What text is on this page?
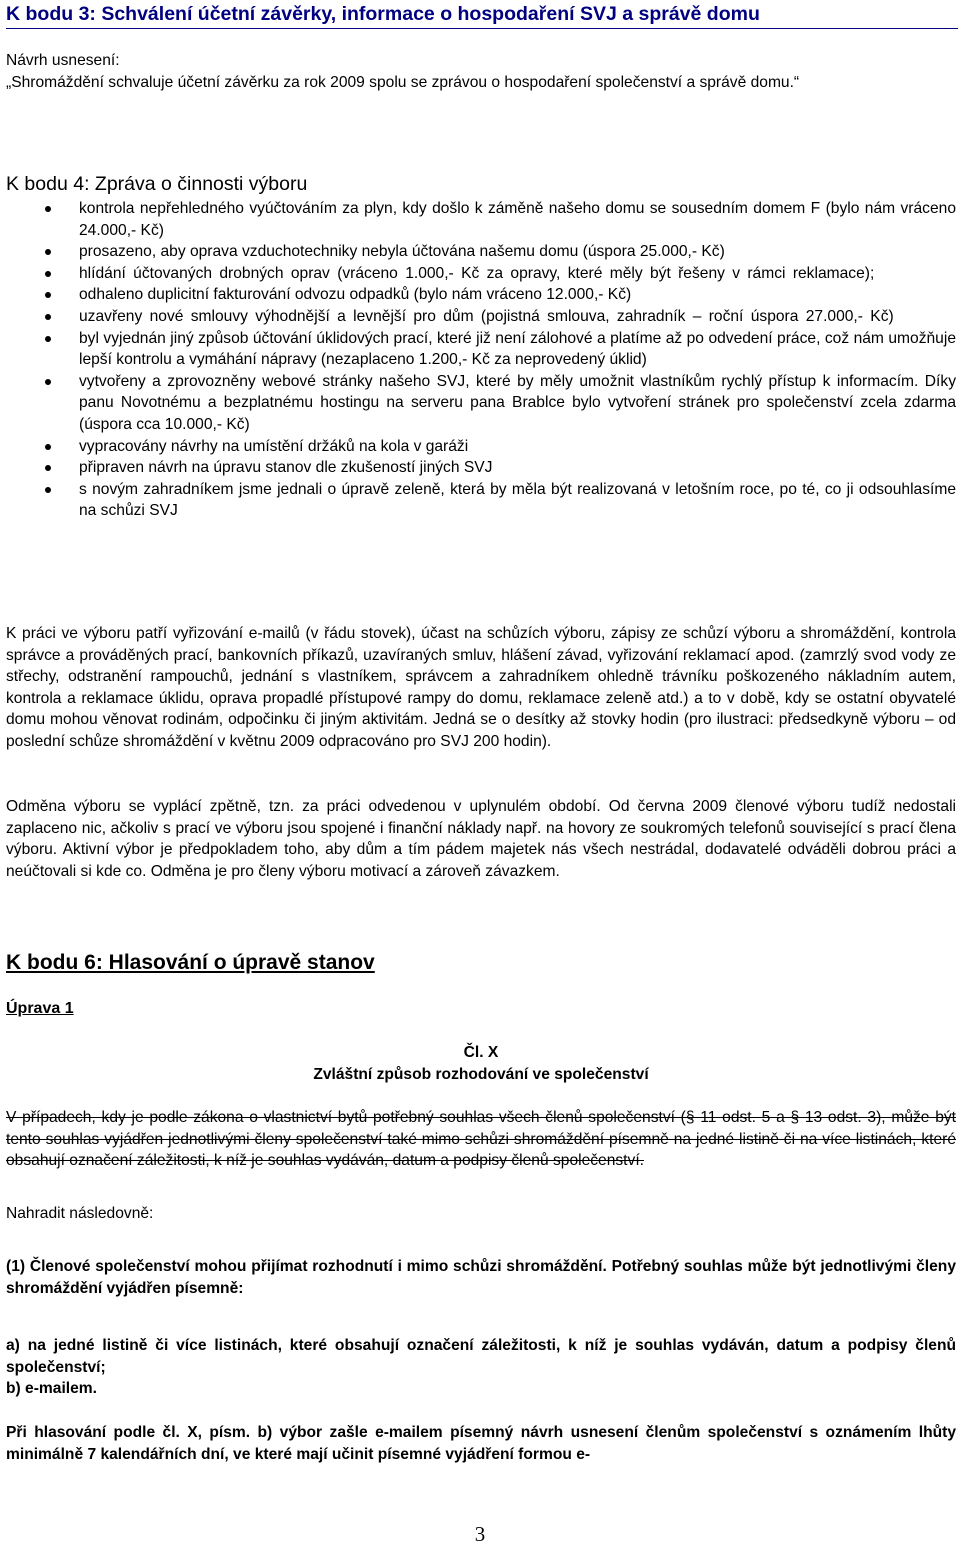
K bodu 3: Schválení účetní závěrky, informace o hospodaření SVJ a správě domu

Návrh usnesení:

„Shromáždění schvaluje účetní závěrku za rok 2009 spolu se zprávou o hospodaření společenství a správě domu.“

K bodu 4: Zpráva o činnosti výboru
kontrola nepřehledného vyúčtováním za plyn, kdy došlo k záměně našeho domu se sousedním domem F (bylo nám vráceno 24.000,- Kč)
prosazeno, aby oprava vzduchotechniky nebyla účtována našemu domu (úspora 25.000,- Kč)
hlídání účtovaných drobných oprav (vráceno 1.000,- Kč za opravy, které měly být řešeny v rámci reklamace);
odhaleno duplicitní fakturování odvozu odpadků (bylo nám vráceno 12.000,- Kč)
uzavřeny nové smlouvy výhodnější a levnější pro dům (pojistná smlouva, zahradník – roční úspora 27.000,- Kč)
byl vyjednán jiný způsob účtování úklidových prací, které již není zálohové a platíme až po odvedení práce, což nám umožňuje lepší kontrolu a vymáhání nápravy (nezaplaceno 1.200,- Kč za neprovedený úklid)
vytvořeny a zprovozněny webové stránky našeho SVJ, které by měly umožnit vlastníkům rychlý přístup k informacím. Díky panu Novotnému a bezplatnému hostingu na serveru pana Brablce bylo vytvoření stránek pro společenství zcela zdarma (úspora cca 10.000,- Kč)
vypracovány návrhy na umístění držáků na kola v garáži
připraven návrh na úpravu stanov dle zkušeností jiných SVJ
s novým zahradníkem jsme jednali o úpravě zeleně, která by měla být realizovaná v letošním roce, po té, co ji odsouhlasíme na schůzi SVJ

K práci ve výboru patří vyřizování e-mailů (v řádu stovek), účast na schůzích výboru, zápisy ze schůzí výboru a shromáždění, kontrola správce a prováděných prací, bankovních příkazů, uzavíraných smluv, hlášení závad, vyřizování reklamací apod. (zamrzlý svod vody ze střechy, odstranění rampouchů, jednání s vlastníkem, správcem a zahradníkem ohledně trávníku poškozeného nákladním autem, kontrola a reklamace úklidu, oprava propadlé přístupové rampy do domu, reklamace zeleně atd.) a to v době, kdy se ostatní obyvatelé domu mohou věnovat rodinám, odpočinku či jiným aktivitám. Jedná se o desítky až stovky hodin (pro ilustraci: předsedkyně výboru – od poslední schůze shromáždění v květnu 2009 odpracováno pro SVJ 200 hodin).

Odměna výboru se vyplácí zpětně, tzn. za práci odvedenou v uplynulém období. Od června 2009 členové výboru tudíž nedostali zaplaceno nic, ačkoliv s prací ve výboru jsou spojené i finanční náklady např. na hovory ze soukromých telefonů související s prací člena výboru. Aktivní výbor je předpokladem toho, aby dům a tím pádem majetek nás všech nestrádal, dodavatelé odváděli dobrou práci a neúčtovali si kde co. Odměna je pro členy výboru motivací a zároveň závazkem.

K bodu 6: Hlasování o úpravě stanov
Úprava 1

Čl. X

Zvláštní způsob rozhodování ve společenství

V případech, kdy je podle zákona o vlastnictví bytů potřebný souhlas všech členů společenství (§ 11 odst. 5 a § 13 odst. 3), může být tento souhlas vyjádřen jednotlivými členy společenství také mimo schůzi shromáždění písemně na jedné listině či na více listinách, které obsahují označení záležitosti, k níž je souhlas vydáván, datum a podpisy členů společenství.

Nahradit následovně:

(1) Členové společenství mohou přijímat rozhodnutí i mimo schůzi shromáždění. Potřebný souhlas může být jednotlivými členy shromáždění vyjádřen písemně:

a) na jedné listině či více listinách, které obsahují označení záležitosti, k níž je souhlas vydáván, datum a podpisy členů společenství;

b) e-mailem.

Při hlasování podle čl. X, písm. b) výbor zašle e-mailem písemný návrh usnesení členům společenství s oznámením lhůty minimálně 7 kalendářních dní, ve které mají učinit písemné vyjádření formou e-

3
